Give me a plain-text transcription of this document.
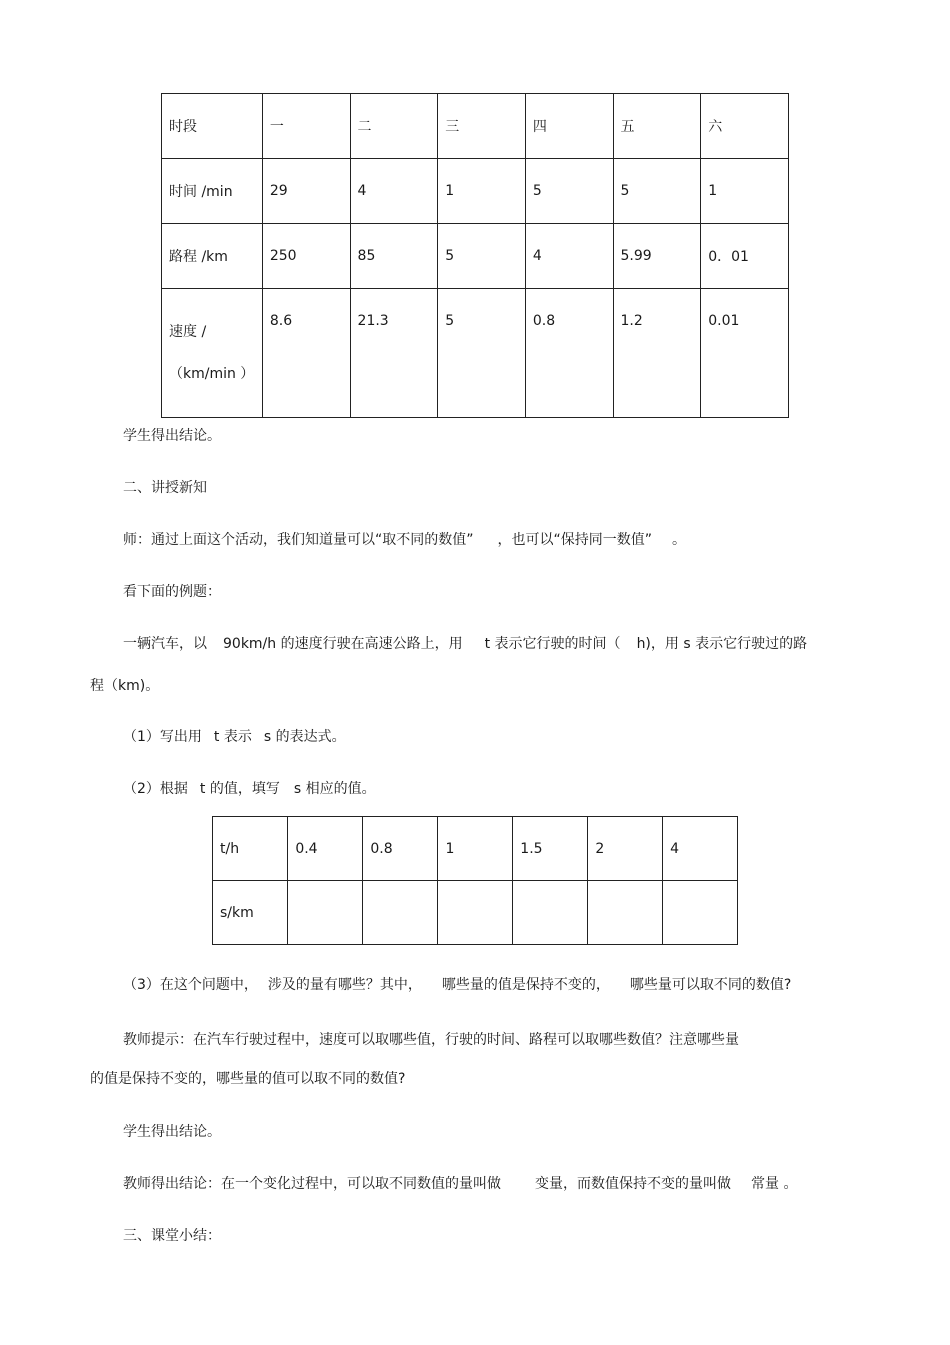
时段	一	二	三	四	五	六
时间 /min	29	4	1	5	5	1
路程 /km	250	85	5	4	5.99	0．01

速度 /
（km/min ）	8.6	21.3	5	0.8	1.2	0.01
学生得出结论。
二、讲授新知
师：通过上面这个活动，我们知道量可以“取不同的数值” ，也可以“保持同一数值” 。
看下面的例题：
一辆汽车，以 90km/h 的速度行驶在高速公路上，用 t 表示它行驶的时间（ h)，用 s 表示它行驶过的路
程（km)。
（1）写出用 t 表示 s 的表达式。
（2）根据 t 的值，填写 s 相应的值。
t/h	0.4	0.8	1	1.5	2	4
s/km						
（3）在这个问题中， 涉及的量有哪些？其中， 哪些量的值是保持不变的， 哪些量可以取不同的数值?
教师提示：在汽车行驶过程中，速度可以取哪些值，行驶的时间、路程可以取哪些数值？注意哪些量
的值是保持不变的，哪些量的值可以取不同的数值?
学生得出结论。
教师得出结论：在一个变化过程中，可以取不同数值的量叫做 变量，而数值保持不变的量叫做 常量 。
三、课堂小结：
